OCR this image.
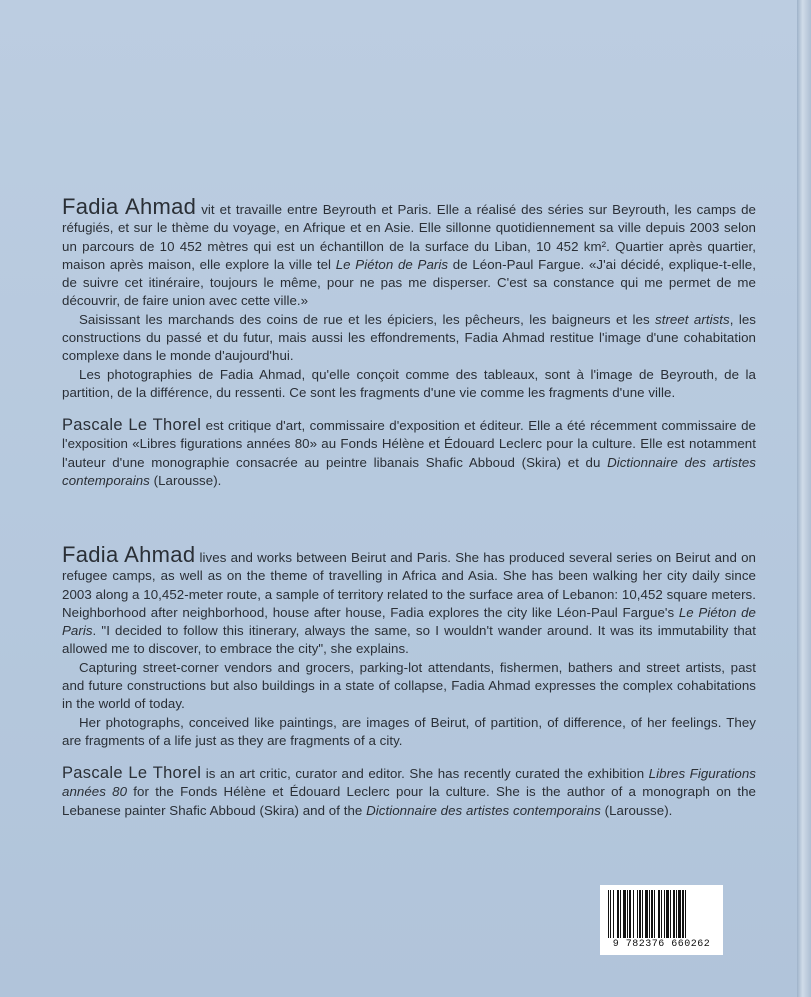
Fadia Ahmad vit et travaille entre Beyrouth et Paris. Elle a réalisé des séries sur Beyrouth, les camps de réfugiés, et sur le thème du voyage, en Afrique et en Asie. Elle sillonne quotidiennement sa ville depuis 2003 selon un parcours de 10 452 mètres qui est un échantillon de la surface du Liban, 10 452 km². Quartier après quartier, maison après maison, elle explore la ville tel Le Piéton de Paris de Léon-Paul Fargue. «J'ai décidé, explique-t-elle, de suivre cet itinéraire, toujours le même, pour ne pas me disperser. C'est sa constance qui me permet de me découvrir, de faire union avec cette ville.»

Saisissant les marchands des coins de rue et les épiciers, les pêcheurs, les baigneurs et les street artists, les constructions du passé et du futur, mais aussi les effondrements, Fadia Ahmad restitue l'image d'une cohabitation complexe dans le monde d'aujourd'hui.

Les photographies de Fadia Ahmad, qu'elle conçoit comme des tableaux, sont à l'image de Beyrouth, de la partition, de la différence, du ressenti. Ce sont les fragments d'une vie comme les fragments d'une ville.

Pascale Le Thorel est critique d'art, commissaire d'exposition et éditeur. Elle a été récemment commissaire de l'exposition «Libres figurations années 80» au Fonds Hélène et Édouard Leclerc pour la culture. Elle est notamment l'auteur d'une monographie consacrée au peintre libanais Shafic Abboud (Skira) et du Dictionnaire des artistes contemporains (Larousse).

Fadia Ahmad lives and works between Beirut and Paris. She has produced several series on Beirut and on refugee camps, as well as on the theme of travelling in Africa and Asia. She has been walking her city daily since 2003 along a 10,452-meter route, a sample of territory related to the surface area of Lebanon: 10,452 square meters. Neighborhood after neighborhood, house after house, Fadia explores the city like Léon-Paul Fargue's Le Piéton de Paris. "I decided to follow this itinerary, always the same, so I wouldn't wander around. It was its immutability that allowed me to discover, to embrace the city", she explains.

Capturing street-corner vendors and grocers, parking-lot attendants, fishermen, bathers and street artists, past and future constructions but also buildings in a state of collapse, Fadia Ahmad expresses the complex cohabitations in the world of today.

Her photographs, conceived like paintings, are images of Beirut, of partition, of difference, of her feelings. They are fragments of a life just as they are fragments of a city.

Pascale Le Thorel is an art critic, curator and editor. She has recently curated the exhibition Libres Figurations années 80 for the Fonds Hélène et Édouard Leclerc pour la culture. She is the author of a monograph on the Lebanese painter Shafic Abboud (Skira) and of the Dictionnaire des artistes contemporains (Larousse).

9 782376 660262
